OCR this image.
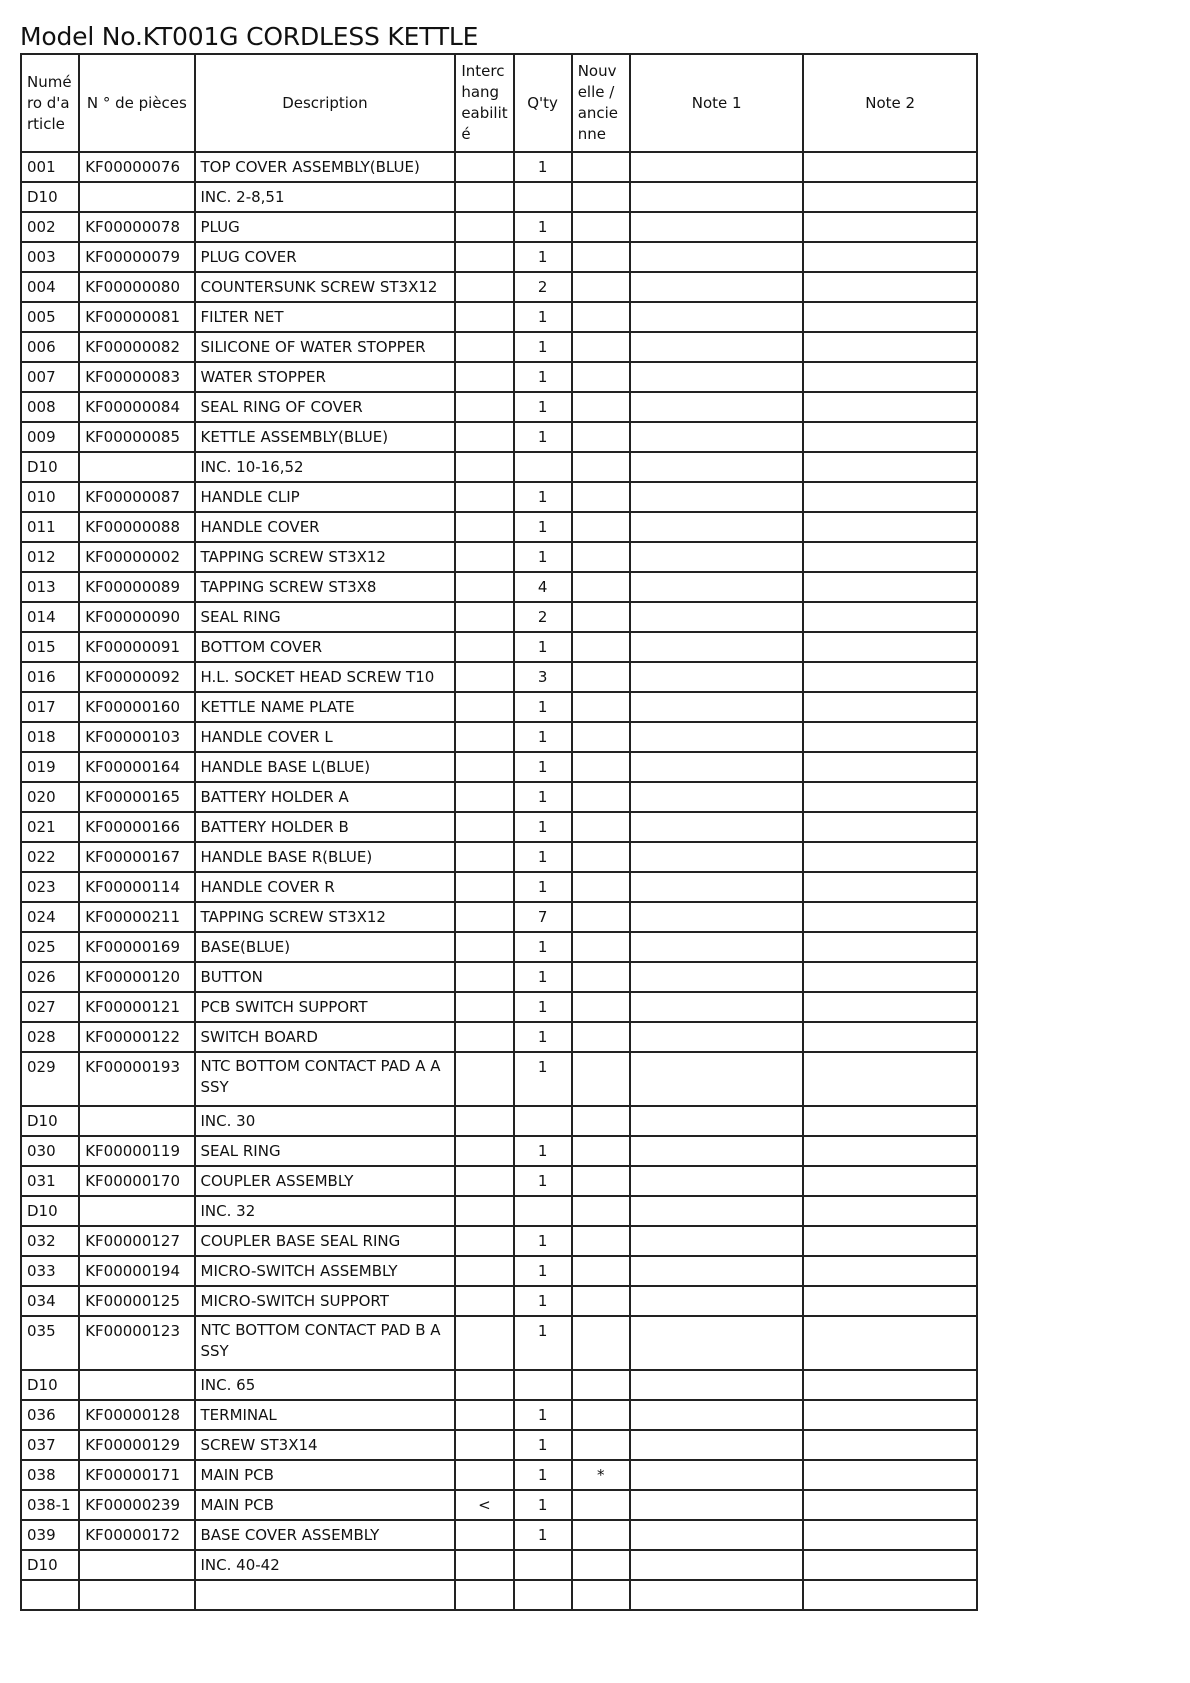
Model No.KT001G CORDLESS KETTLE
Numé ro d'a rticle	N ° de pièces	Description	Interc hang eabilit é	Q'ty	Nouv elle / ancie nne	Note 1	Note 2
001	KF00000076	TOP COVER ASSEMBLY(BLUE)		1			
D10		INC. 2-8,51					
002	KF00000078	PLUG		1			
003	KF00000079	PLUG COVER		1			
004	KF00000080	COUNTERSUNK SCREW ST3X12		2			
005	KF00000081	FILTER NET		1			
006	KF00000082	SILICONE OF WATER STOPPER		1			
007	KF00000083	WATER STOPPER		1			
008	KF00000084	SEAL RING OF COVER		1			
009	KF00000085	KETTLE ASSEMBLY(BLUE)		1			
D10		INC. 10-16,52					
010	KF00000087	HANDLE CLIP		1			
011	KF00000088	HANDLE COVER		1			
012	KF00000002	TAPPING SCREW ST3X12		1			
013	KF00000089	TAPPING SCREW ST3X8		4			
014	KF00000090	SEAL RING		2			
015	KF00000091	BOTTOM COVER		1			
016	KF00000092	H.L. SOCKET HEAD SCREW T10		3			
017	KF00000160	KETTLE NAME PLATE		1			
018	KF00000103	HANDLE COVER L		1			
019	KF00000164	HANDLE BASE L(BLUE)		1			
020	KF00000165	BATTERY HOLDER A		1			
021	KF00000166	BATTERY HOLDER B		1			
022	KF00000167	HANDLE BASE R(BLUE)		1			
023	KF00000114	HANDLE COVER R		1			
024	KF00000211	TAPPING SCREW ST3X12		7			
025	KF00000169	BASE(BLUE)		1			
026	KF00000120	BUTTON		1			
027	KF00000121	PCB SWITCH SUPPORT		1			
028	KF00000122	SWITCH BOARD		1			
029	KF00000193	NTC BOTTOM CONTACT PAD A A SSY		1			
D10		INC. 30					
030	KF00000119	SEAL RING		1			
031	KF00000170	COUPLER ASSEMBLY		1			
D10		INC. 32					
032	KF00000127	COUPLER BASE SEAL RING		1			
033	KF00000194	MICRO-SWITCH ASSEMBLY		1			
034	KF00000125	MICRO-SWITCH SUPPORT		1			
035	KF00000123	NTC BOTTOM CONTACT PAD B A SSY		1			
D10		INC. 65					
036	KF00000128	TERMINAL		1			
037	KF00000129	SCREW ST3X14		1			
038	KF00000171	MAIN PCB		1	*		
038-1	KF00000239	MAIN PCB	<	1			
039	KF00000172	BASE COVER ASSEMBLY		1			
D10		INC. 40-42					
